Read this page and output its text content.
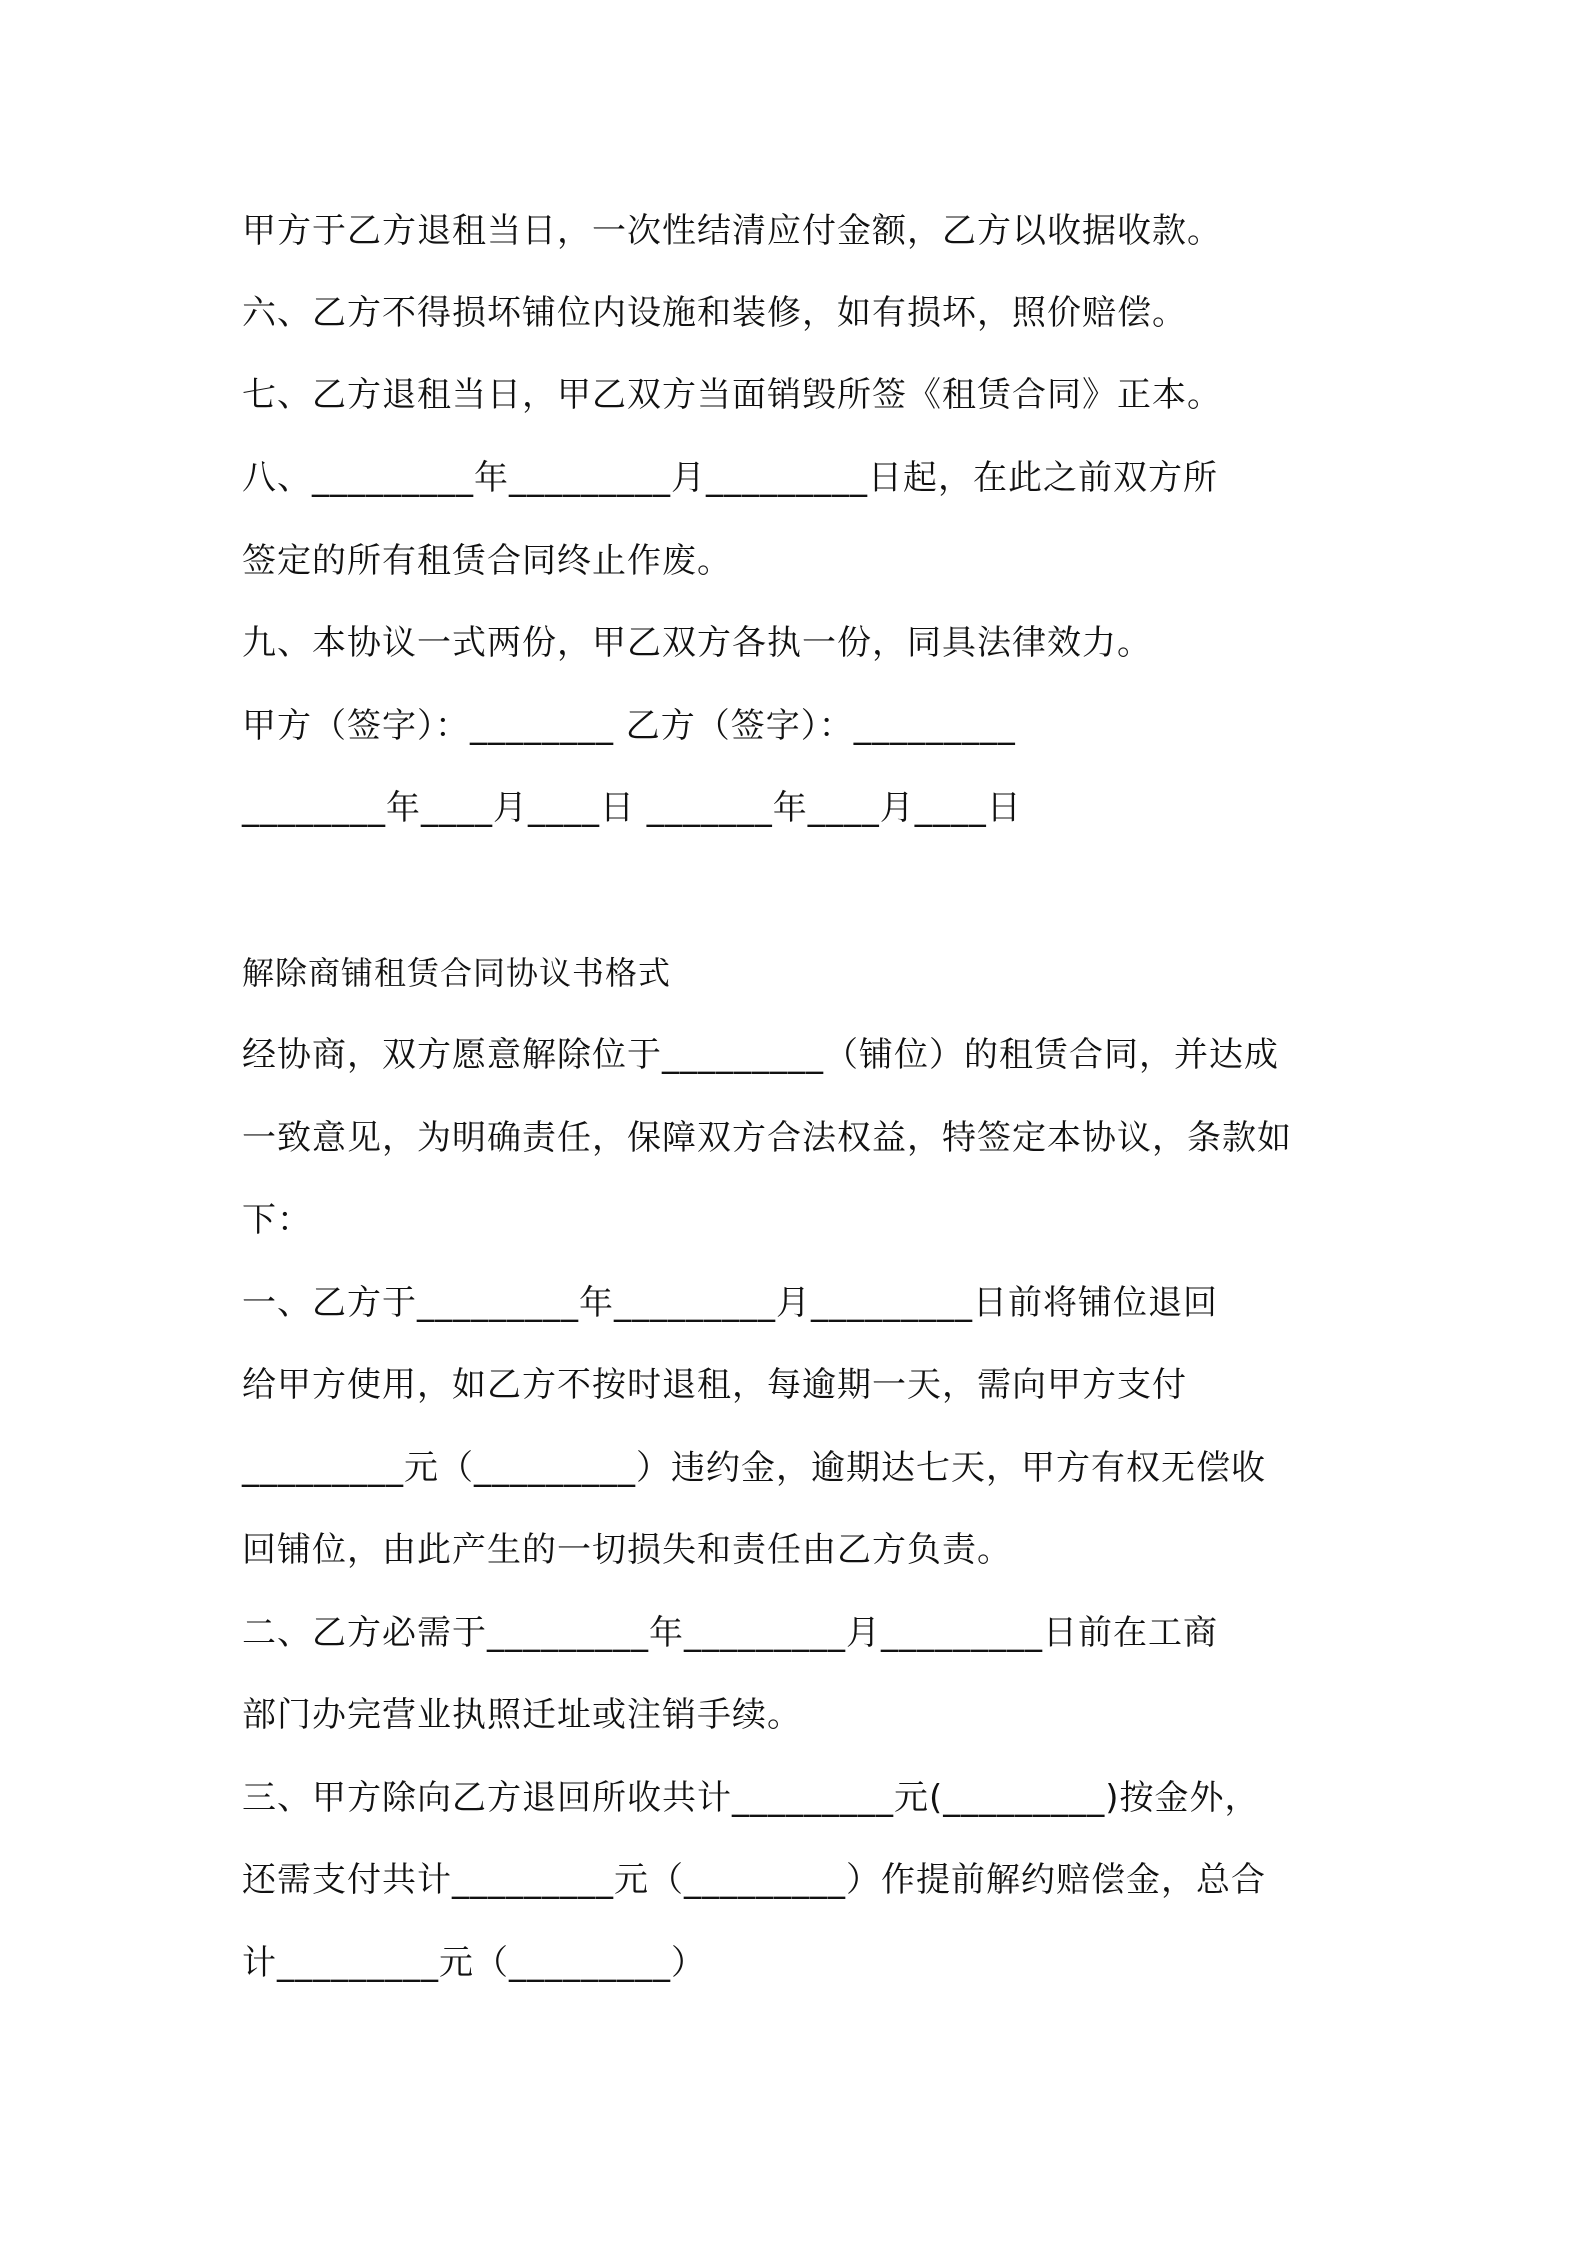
甲方于乙方退租当日，一次性结清应付金额，乙方以收据收款。
六、乙方不得损坏铺位内设施和装修，如有损坏，照价赔偿。
七、乙方退租当日，甲乙双方当面销毁所签《租赁合同》正本。
八、_________年_________月_________日起，在此之前双方所
签定的所有租赁合同终止作废。
九、本协议一式两份，甲乙双方各执一份，同具法律效力。
甲方（签字）：________ 乙方（签字）：_________
________年____月____日 _______年____月____日
解除商铺租赁合同协议书格式
经协商，双方愿意解除位于_________（铺位）的租赁合同，并达成
一致意见，为明确责任，保障双方合法权益，特签定本协议，条款如
下：
一、乙方于_________年_________月_________日前将铺位退回
给甲方使用，如乙方不按时退租，每逾期一天，需向甲方支付
_________元（_________）违约金，逾期达七天，甲方有权无偿收
回铺位，由此产生的一切损失和责任由乙方负责。
二、乙方必需于_________年_________月_________日前在工商
部门办完营业执照迁址或注销手续。
三、甲方除向乙方退回所收共计_________元(_________)按金外，
还需支付共计_________元（_________）作提前解约赔偿金，总合
计_________元（_________）
